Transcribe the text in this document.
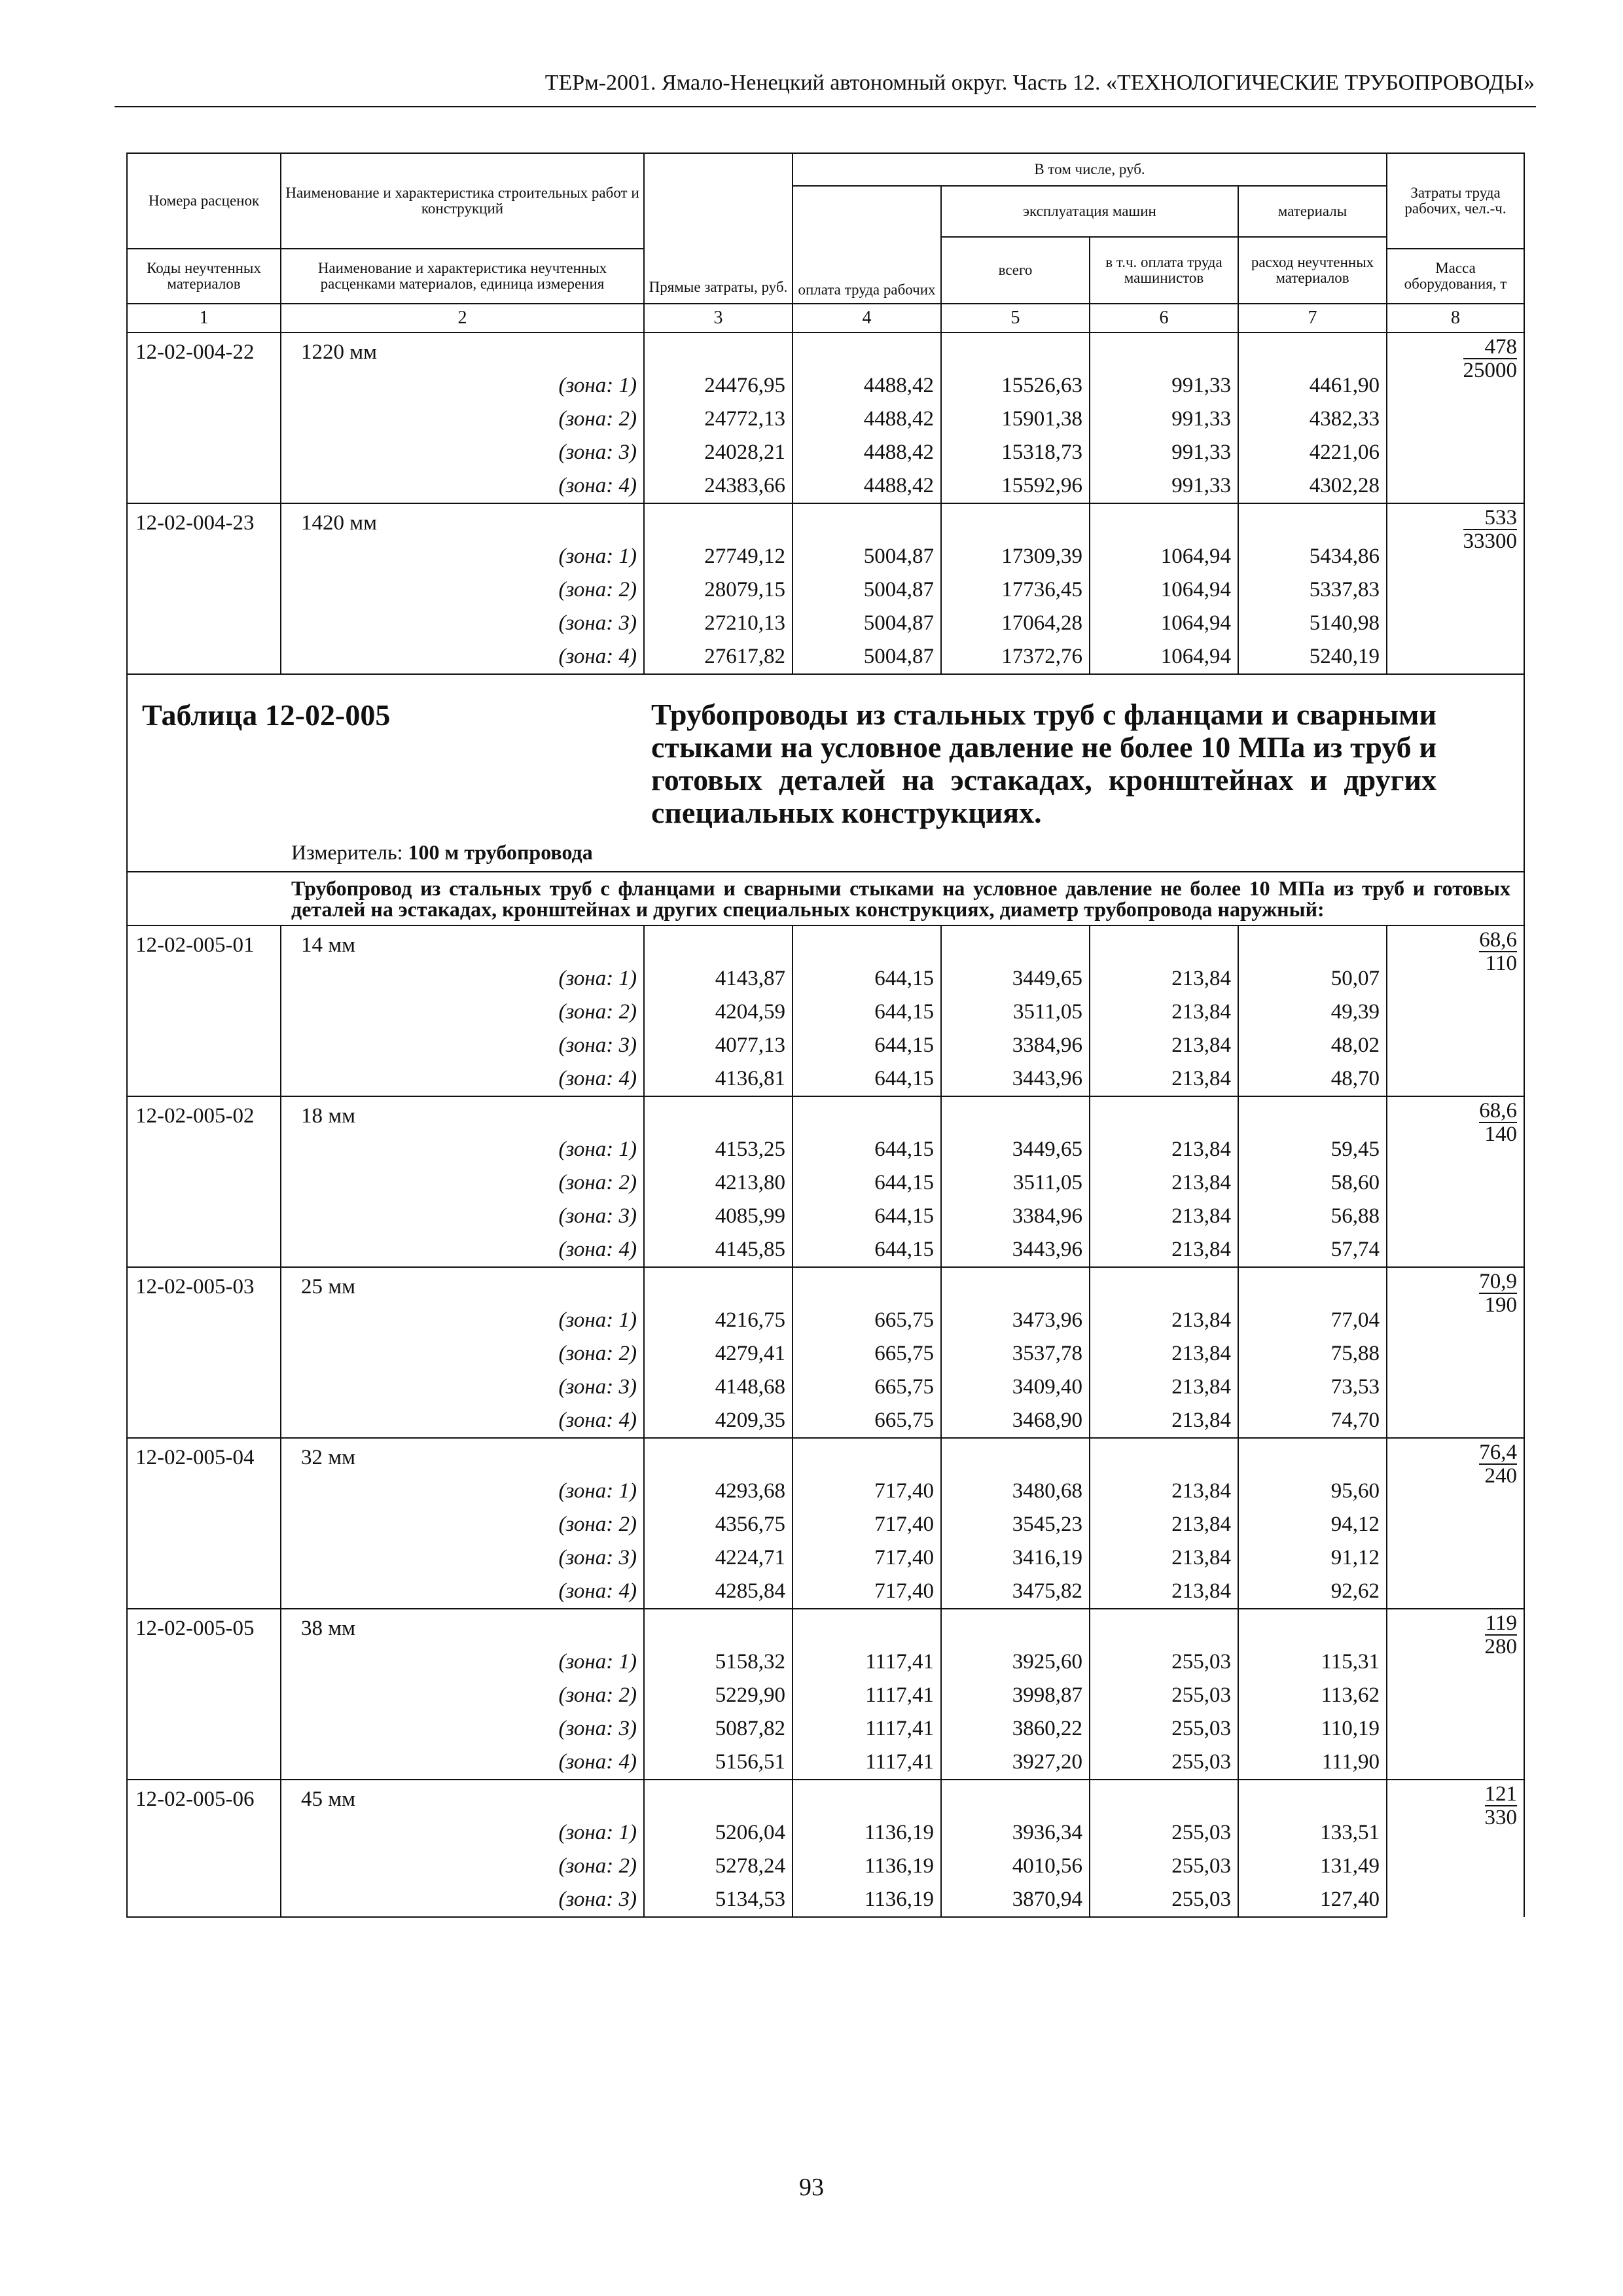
ТЕРм-2001. Ямало-Ненецкий автономный округ. Часть 12. «ТЕХНОЛОГИЧЕСКИЕ ТРУБОПРОВОДЫ»
Номера расценок	Наименование и характеристика строительных работ и конструкций	Прямые затраты, руб.	В том числе, руб.				Затраты труда рабочих, чел.-ч.
			оплата труда рабочих	эксплуатация машин		материалы	
				всего	в т.ч. оплата труда машинистов	расход неучтенных материалов	
Коды неучтенных материалов	Наименование и характеристика неучтенных расценками материалов, единица измерения						Масса оборудования, т
1	2	3	4	5	6	7	8
12-02-004-22	1220 мм						$\frac{478}{25000}$

	(зона: 1)	24476,95	4488,42	15526,63	991,33	4461,90	
	(зона: 2)	24772,13	4488,42	15901,38	991,33	4382,33	
	(зона: 3)	24028,21	4488,42	15318,73	991,33	4221,06	
	(зона: 4)	24383,66	4488,42	15592,96	991,33	4302,28	
12-02-004-23	1420 мм						$\frac{533}{33300}$

	(зона: 1)	27749,12	5004,87	17309,39	1064,94	5434,86	
	(зона: 2)	28079,15	5004,87	17736,45	1064,94	5337,83	
	(зона: 3)	27210,13	5004,87	17064,28	1064,94	5140,98	
	(зона: 4)	27617,82	5004,87	17372,76	1064,94	5240,19	

Таблица 12-02-005 Трубопроводы из стальных труб с фланцами и сварными стыками на условное давление не более 10 МПа из труб и готовых деталей на эстакадах, кронштейнах и других специальных конструкциях.
Измеритель: 100 м трубопровода							

Трубопровод из стальных труб с фланцами и сварными стыками на условное давление не более 10 МПа из труб и готовых деталей на эстакадах, кронштейнах и других специальных конструкциях, диаметр трубопровода наружный:							

12-02-005-01	14 мм						$\frac{68,6}{110}$

	(зона: 1)	4143,87	644,15	3449,65	213,84	50,07	
	(зона: 2)	4204,59	644,15	3511,05	213,84	49,39	
	(зона: 3)	4077,13	644,15	3384,96	213,84	48,02	
	(зона: 4)	4136,81	644,15	3443,96	213,84	48,70	
12-02-005-02	18 мм						$\frac{68,6}{140}$

	(зона: 1)	4153,25	644,15	3449,65	213,84	59,45	
	(зона: 2)	4213,80	644,15	3511,05	213,84	58,60	
	(зона: 3)	4085,99	644,15	3384,96	213,84	56,88	
	(зона: 4)	4145,85	644,15	3443,96	213,84	57,74	
12-02-005-03	25 мм						$\frac{70,9}{190}$

	(зона: 1)	4216,75	665,75	3473,96	213,84	77,04	
	(зона: 2)	4279,41	665,75	3537,78	213,84	75,88	
	(зона: 3)	4148,68	665,75	3409,40	213,84	73,53	
	(зона: 4)	4209,35	665,75	3468,90	213,84	74,70	
12-02-005-04	32 мм						$\frac{76,4}{240}$

	(зона: 1)	4293,68	717,40	3480,68	213,84	95,60	
	(зона: 2)	4356,75	717,40	3545,23	213,84	94,12	
	(зона: 3)	4224,71	717,40	3416,19	213,84	91,12	
	(зона: 4)	4285,84	717,40	3475,82	213,84	92,62	
12-02-005-05	38 мм						$\frac{119}{280}$

	(зона: 1)	5158,32	1117,41	3925,60	255,03	115,31	
	(зона: 2)	5229,90	1117,41	3998,87	255,03	113,62	
	(зона: 3)	5087,82	1117,41	3860,22	255,03	110,19	
	(зона: 4)	5156,51	1117,41	3927,20	255,03	111,90	
12-02-005-06	45 мм						$\frac{121}{330}$

	(зона: 1)	5206,04	1136,19	3936,34	255,03	133,51	
	(зона: 2)	5278,24	1136,19	4010,56	255,03	131,49	
	(зона: 3)	5134,53	1136,19	3870,94	255,03	127,40	
93
